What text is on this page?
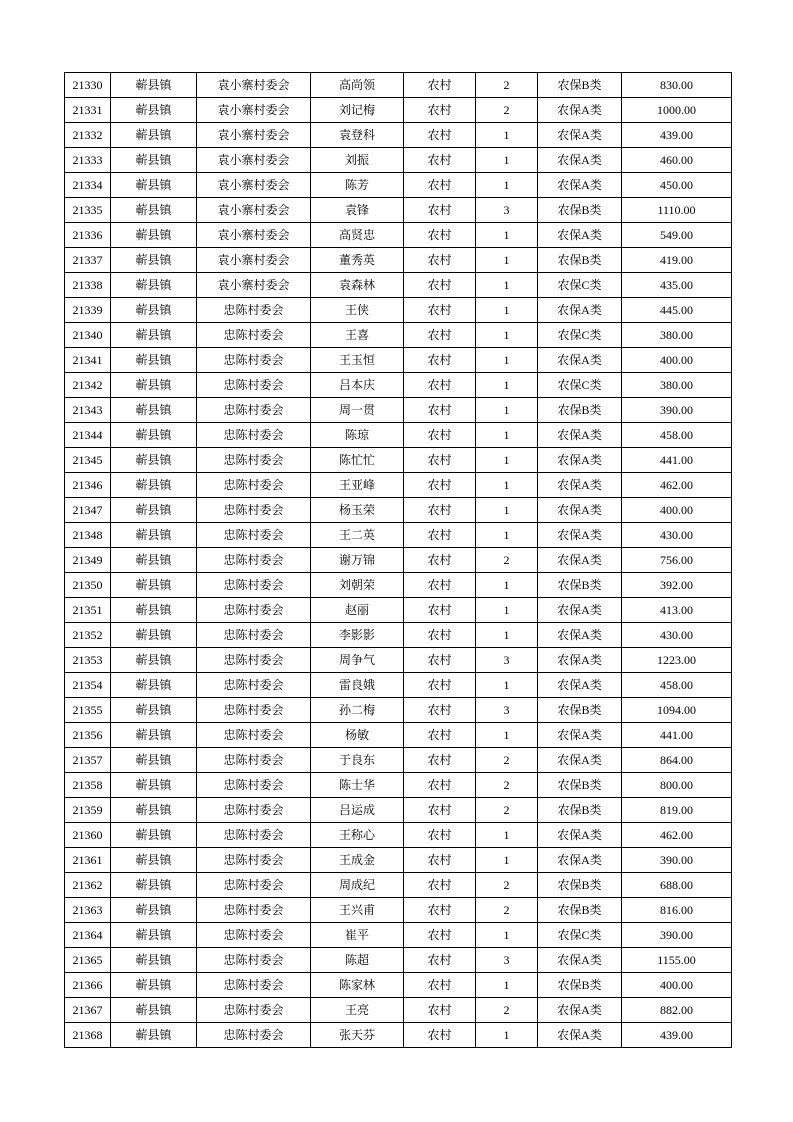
21330	蕲县镇	袁小寨村委会	高尚领	农村	2	农保B类	830.00
21331	蕲县镇	袁小寨村委会	刘记梅	农村	2	农保A类	1000.00
21332	蕲县镇	袁小寨村委会	袁登科	农村	1	农保A类	439.00
21333	蕲县镇	袁小寨村委会	刘振	农村	1	农保A类	460.00
21334	蕲县镇	袁小寨村委会	陈芳	农村	1	农保A类	450.00
21335	蕲县镇	袁小寨村委会	袁锋	农村	3	农保B类	1110.00
21336	蕲县镇	袁小寨村委会	高贤忠	农村	1	农保A类	549.00
21337	蕲县镇	袁小寨村委会	董秀英	农村	1	农保B类	419.00
21338	蕲县镇	袁小寨村委会	袁森林	农村	1	农保C类	435.00
21339	蕲县镇	忠陈村委会	王侠	农村	1	农保A类	445.00
21340	蕲县镇	忠陈村委会	王喜	农村	1	农保C类	380.00
21341	蕲县镇	忠陈村委会	王玉恒	农村	1	农保A类	400.00
21342	蕲县镇	忠陈村委会	吕本庆	农村	1	农保C类	380.00
21343	蕲县镇	忠陈村委会	周一贯	农村	1	农保B类	390.00
21344	蕲县镇	忠陈村委会	陈琼	农村	1	农保A类	458.00
21345	蕲县镇	忠陈村委会	陈忙忙	农村	1	农保A类	441.00
21346	蕲县镇	忠陈村委会	王亚峰	农村	1	农保A类	462.00
21347	蕲县镇	忠陈村委会	杨玉荣	农村	1	农保A类	400.00
21348	蕲县镇	忠陈村委会	王二英	农村	1	农保A类	430.00
21349	蕲县镇	忠陈村委会	谢万锦	农村	2	农保A类	756.00
21350	蕲县镇	忠陈村委会	刘朝荣	农村	1	农保B类	392.00
21351	蕲县镇	忠陈村委会	赵丽	农村	1	农保A类	413.00
21352	蕲县镇	忠陈村委会	李影影	农村	1	农保A类	430.00
21353	蕲县镇	忠陈村委会	周争气	农村	3	农保A类	1223.00
21354	蕲县镇	忠陈村委会	雷良娥	农村	1	农保A类	458.00
21355	蕲县镇	忠陈村委会	孙二梅	农村	3	农保B类	1094.00
21356	蕲县镇	忠陈村委会	杨敏	农村	1	农保A类	441.00
21357	蕲县镇	忠陈村委会	于良东	农村	2	农保A类	864.00
21358	蕲县镇	忠陈村委会	陈士华	农村	2	农保B类	800.00
21359	蕲县镇	忠陈村委会	吕运成	农村	2	农保B类	819.00
21360	蕲县镇	忠陈村委会	王称心	农村	1	农保A类	462.00
21361	蕲县镇	忠陈村委会	王成金	农村	1	农保A类	390.00
21362	蕲县镇	忠陈村委会	周成纪	农村	2	农保B类	688.00
21363	蕲县镇	忠陈村委会	王兴甫	农村	2	农保B类	816.00
21364	蕲县镇	忠陈村委会	崔平	农村	1	农保C类	390.00
21365	蕲县镇	忠陈村委会	陈超	农村	3	农保A类	1155.00
21366	蕲县镇	忠陈村委会	陈家林	农村	1	农保B类	400.00
21367	蕲县镇	忠陈村委会	王亮	农村	2	农保A类	882.00
21368	蕲县镇	忠陈村委会	张天芬	农村	1	农保A类	439.00
